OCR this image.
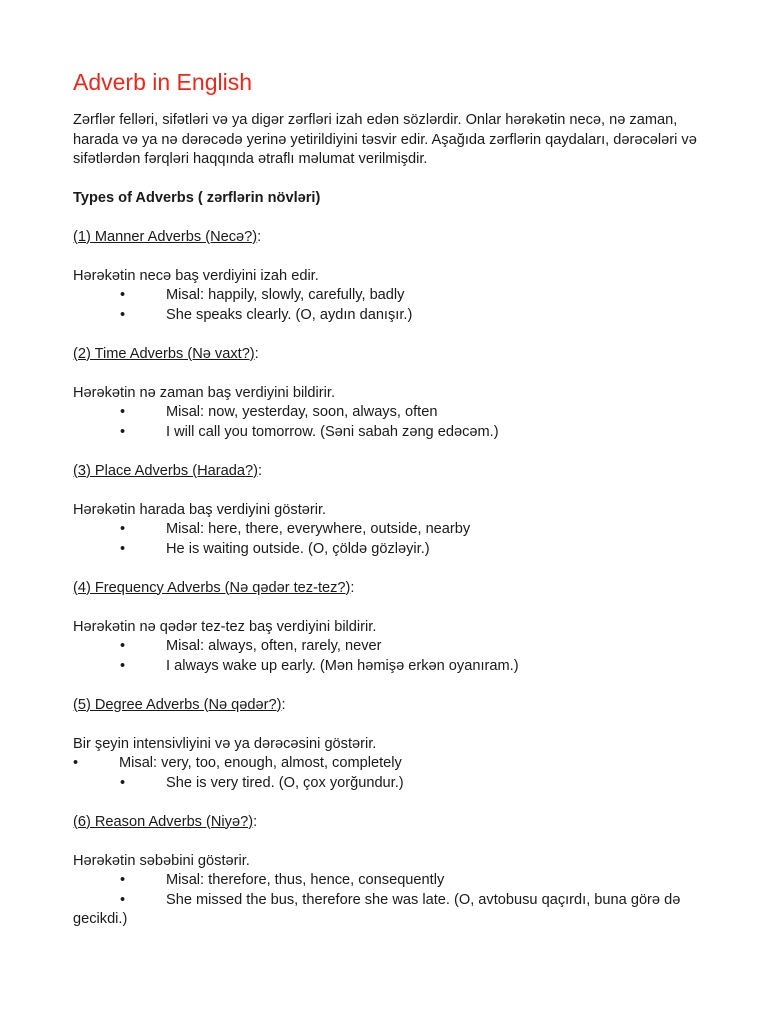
Adverb in English

Zərflər felləri, sifətləri və ya digər zərfləri izah edən sözlərdir. Onlar hərəkətin necə, nə zaman, harada və ya nə dərəcədə yerinə yetirildiyini təsvir edir. Aşağıda zərflərin qaydaları, dərəcələri və sifətlərdən fərqləri haqqında ətraflı məlumat verilmişdir.

Types of Adverbs ( zərflərin növləri)

(1) Manner Adverbs (Necə?):

Hərəkətin necə baş verdiyini izah edir.

•	Misal: happily, slowly, carefully, badly
•	She speaks clearly. (O, aydın danışır.)

(2) Time Adverbs (Nə vaxt?):

Hərəkətin nə zaman baş verdiyini bildirir.

•	Misal: now, yesterday, soon, always, often
•	I will call you tomorrow. (Səni sabah zəng edəcəm.)

(3) Place Adverbs (Harada?):

Hərəkətin harada baş verdiyini göstərir.

•	Misal: here, there, everywhere, outside, nearby
•	He is waiting outside. (O, çöldə gözləyir.)

(4) Frequency Adverbs (Nə qədər tez-tez?):

Hərəkətin nə qədər tez-tez baş verdiyini bildirir.

•	Misal: always, often, rarely, never
•	I always wake up early. (Mən həmişə erkən oyanıram.)

(5) Degree Adverbs (Nə qədər?):

Bir şeyin intensivliyini və ya dərəcəsini göstərir.

•	Misal: very, too, enough, almost, completely
•	She is very tired. (O, çox yorğundur.)

(6) Reason Adverbs (Niyə?):

Hərəkətin səbəbini göstərir.

•	Misal: therefore, thus, hence, consequently
•	She missed the bus, therefore she was late. (O, avtobusu qaçırdı, buna görə də gecikdi.)
